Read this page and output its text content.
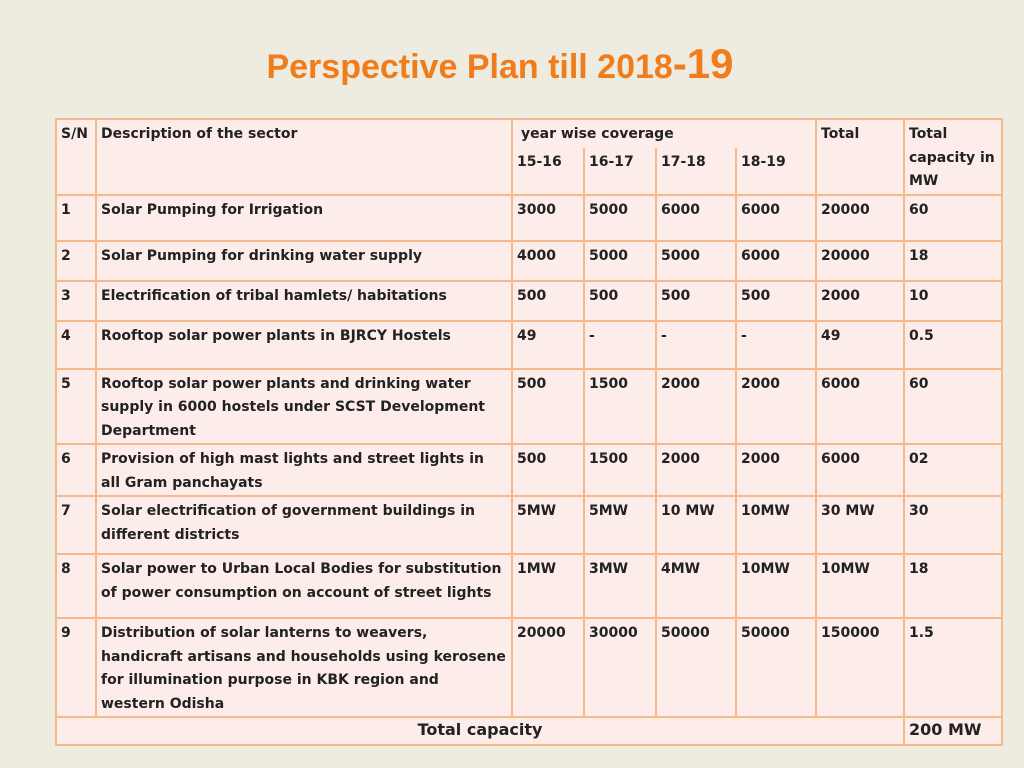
Perspective Plan till 2018-19
S/N	Description of the sector	year wise coverage				Total	Total capacity in MW
		15-16	16-17	17-18	18-19		
1	Solar Pumping for Irrigation	3000	5000	6000	6000	20000	60
2	Solar Pumping for drinking water supply	4000	5000	5000	6000	20000	18
3	Electrification of tribal hamlets/ habitations	500	500	500	500	2000	10
4	Rooftop solar power plants in BJRCY Hostels	49	-	-	-	49	0.5
5	Rooftop solar power plants and drinking water supply in 6000 hostels under SCST Development Department	500	1500	2000	2000	6000	60
6	Provision of high mast lights and street lights in all Gram panchayats	500	1500	2000	2000	6000	02
7	Solar electrification of government buildings in different districts	5MW	5MW	10 MW	10MW	30 MW	30
8	Solar power to Urban Local Bodies for substitution of power consumption on account of street lights	1MW	3MW	4MW	10MW	10MW	18
9	Distribution of solar lanterns to weavers, handicraft artisans and households using kerosene for illumination purpose in KBK region and western Odisha	20000	30000	50000	50000	150000	1.5
Total capacity							200 MW
